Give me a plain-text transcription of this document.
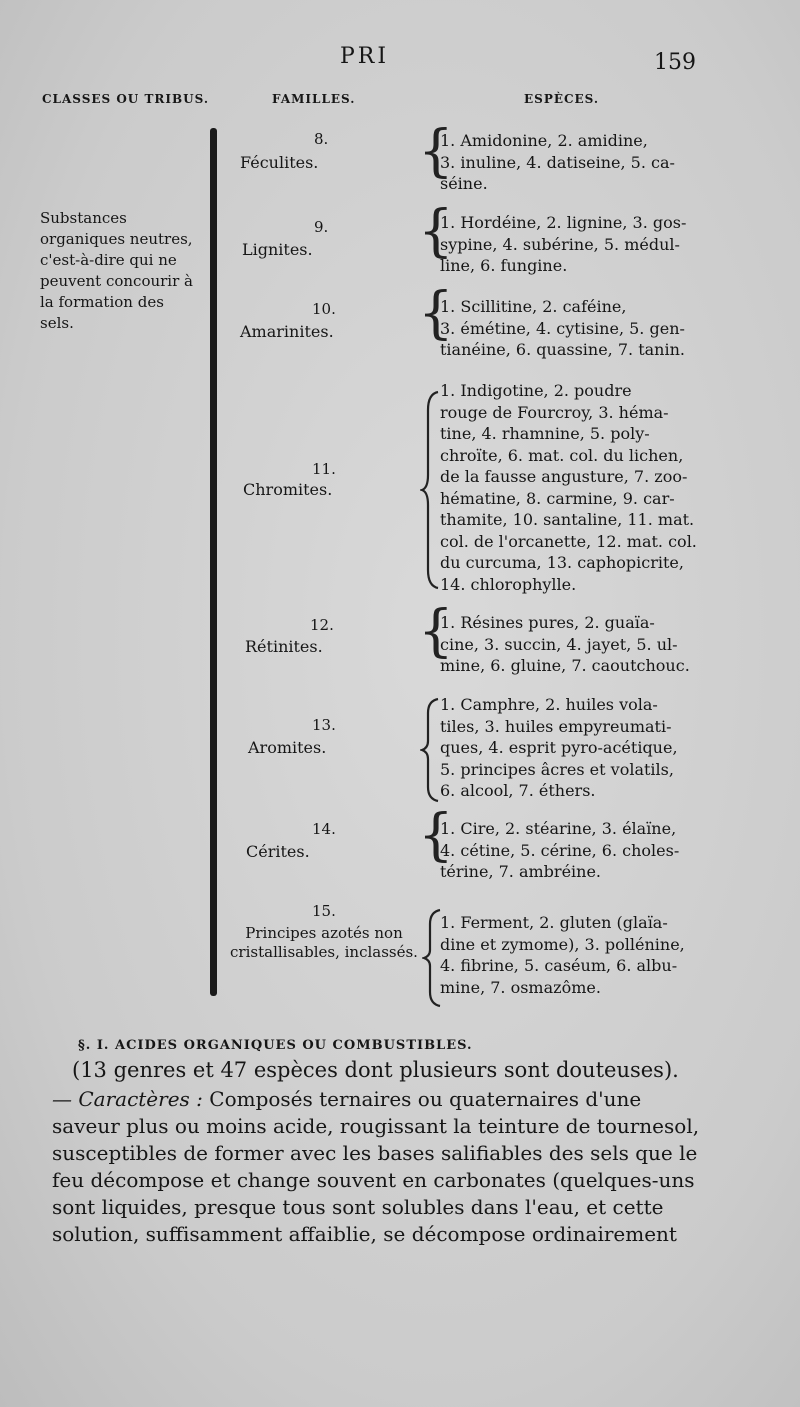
PRI	159
CLASSES OU TRIBUS.	FAMILLES.	ESPÈCES.
Substances organiques neutres, c'est-à-dire qui ne peuvent concourir à la formation des sels.
8.
Féculites. {
1. Amidonine, 2. amidine,
3. inuline, 4. datiseine, 5. ca-
séine.
9.
Lignites. {
1. Hordéine, 2. lignine, 3. gos-
sypine, 4. subérine, 5. médul-
line, 6. fungine.
10.
Amarinites. {
1. Scillitine, 2. caféine,
3. émétine, 4. cytisine, 5. gen-
tianéine, 6. quassine, 7. tanin.
11.
Chromites.
1. Indigotine, 2. poudre
rouge de Fourcroy, 3. héma-
tine, 4. rhamnine, 5. poly-
chroïte, 6. mat. col. du lichen,
de la fausse angusture, 7. zoo-
hématine, 8. carmine, 9. car-
thamite, 10. santaline, 11. mat.
col. de l'orcanette, 12. mat. col.
du curcuma, 13. caphopicrite,
14. chlorophylle.
12.
Rétinites. {
1. Résines pures, 2. guaïa-
cine, 3. succin, 4. jayet, 5. ul-
mine, 6. gluine, 7. caoutchouc.
13.
Aromites.
1. Camphre, 2. huiles vola-
tiles, 3. huiles empyreumati-
ques, 4. esprit pyro-acétique,
5. principes âcres et volatils,
6. alcool, 7. éthers.
14.
Cérites. {
1. Cire, 2. stéarine, 3. élaïne,
4. cétine, 5. cérine, 6. choles-
térine, 7. ambréine.
15.
Principes azotés non cristallisables, inclassés.
1. Ferment, 2. gluten (glaïa-
dine et zymome), 3. pollénine,
4. fibrine, 5. caséum, 6. albu-
mine, 7. osmazôme.
§. I. ACIDES ORGANIQUES OU COMBUSTIBLES.
(13 genres et 47 espèces dont plusieurs sont douteuses).
— Caractères : Composés ternaires ou quaternaires d'une
saveur plus ou moins acide, rougissant la teinture de tournesol,
susceptibles de former avec les bases salifiables des sels que le
feu décompose et change souvent en carbonates (quelques-uns
sont liquides, presque tous sont solubles dans l'eau, et cette
solution, suffisamment affaiblie, se décompose ordinairement
